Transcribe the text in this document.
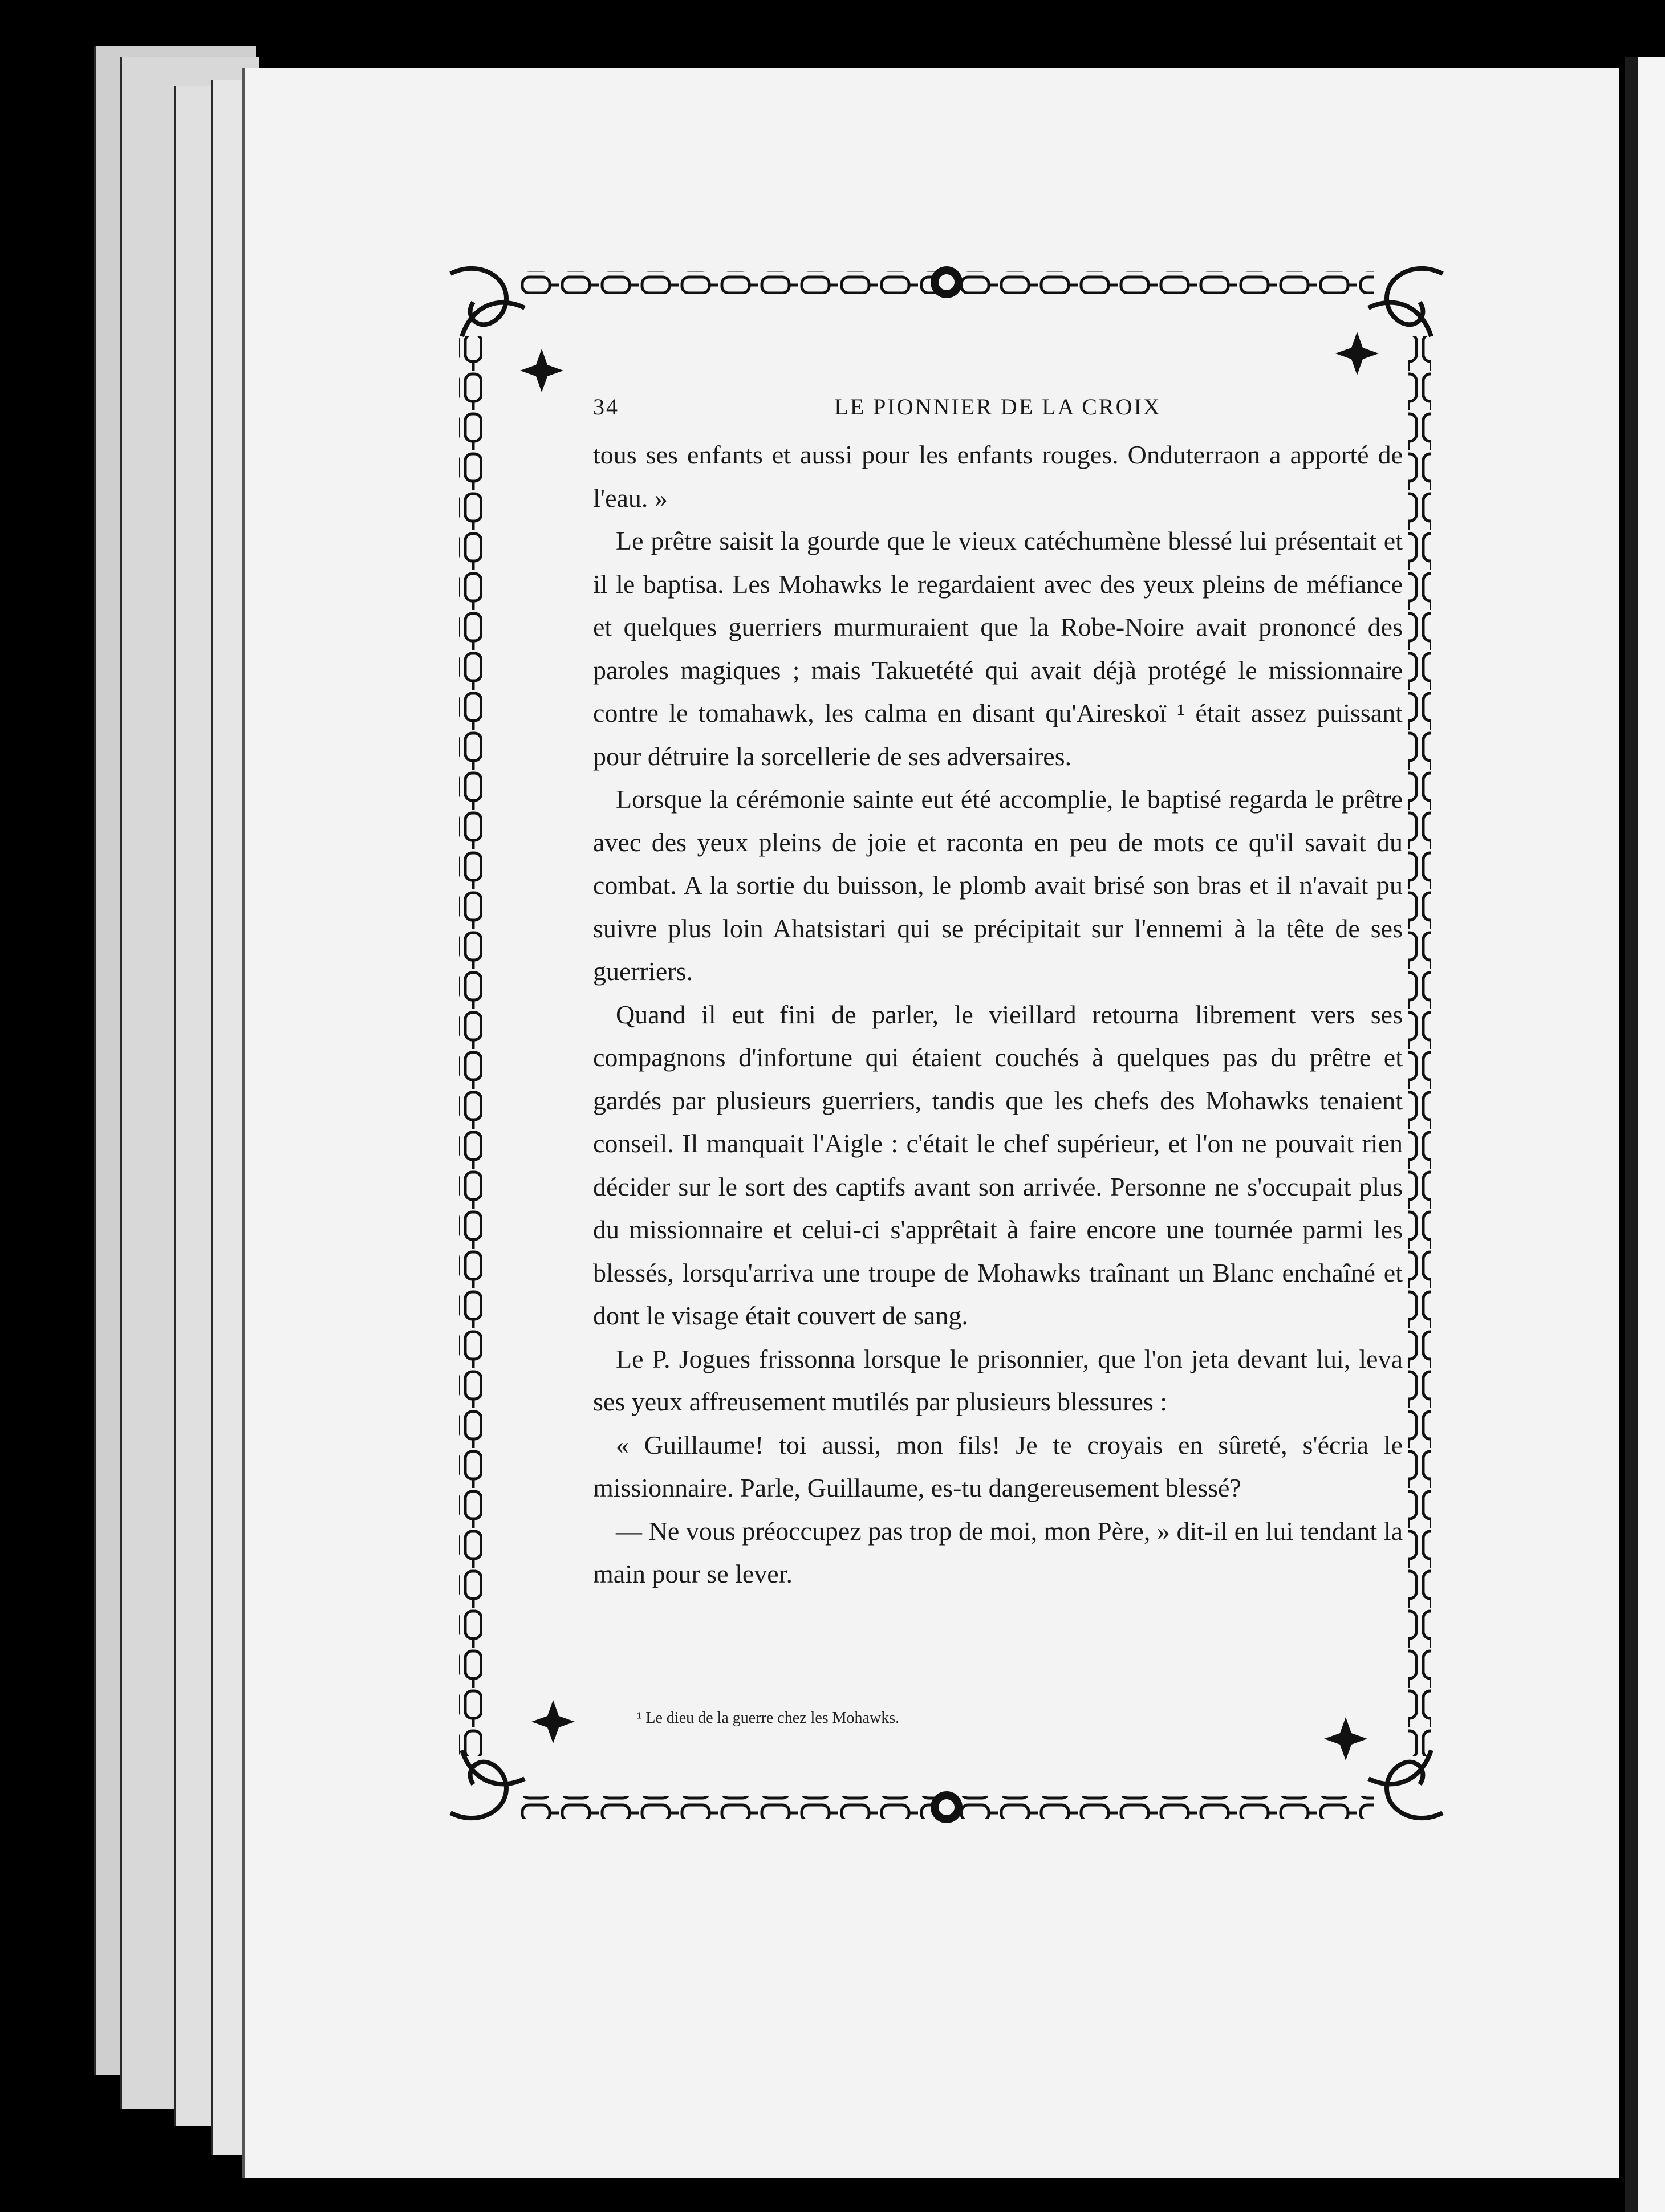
34	LE PIONNIER DE LA CROIX

tous ses enfants et aussi pour les enfants rouges. Onduterraon a apporté de l'eau. »

Le prêtre saisit la gourde que le vieux catéchumène blessé lui présentait et il le baptisa. Les Mohawks le regardaient avec des yeux pleins de méfiance et quelques guerriers murmuraient que la Robe-Noire avait prononcé des paroles magiques ; mais Takuetété qui avait déjà protégé le missionnaire contre le tomahawk, les calma en disant qu'Aireskoï ¹ était assez puissant pour détruire la sorcellerie de ses adversaires.

Lorsque la cérémonie sainte eut été accomplie, le baptisé regarda le prêtre avec des yeux pleins de joie et raconta en peu de mots ce qu'il savait du combat. A la sortie du buisson, le plomb avait brisé son bras et il n'avait pu suivre plus loin Ahatsistari qui se précipitait sur l'ennemi à la tête de ses guerriers.

Quand il eut fini de parler, le vieillard retourna librement vers ses compagnons d'infortune qui étaient couchés à quelques pas du prêtre et gardés par plusieurs guerriers, tandis que les chefs des Mohawks tenaient conseil. Il manquait l'Aigle : c'était le chef supérieur, et l'on ne pouvait rien décider sur le sort des captifs avant son arrivée. Personne ne s'occupait plus du missionnaire et celui-ci s'apprêtait à faire encore une tournée parmi les blessés, lorsqu'arriva une troupe de Mohawks traînant un Blanc enchaîné et dont le visage était couvert de sang.

Le P. Jogues frissonna lorsque le prisonnier, que l'on jeta devant lui, leva ses yeux affreusement mutilés par plusieurs blessures :

« Guillaume! toi aussi, mon fils! Je te croyais en sûreté, s'écria le missionnaire. Parle, Guillaume, es-tu dangereusement blessé?

— Ne vous préoccupez pas trop de moi, mon Père, » dit-il en lui tendant la main pour se lever.

¹ Le dieu de la guerre chez les Mohawks.
